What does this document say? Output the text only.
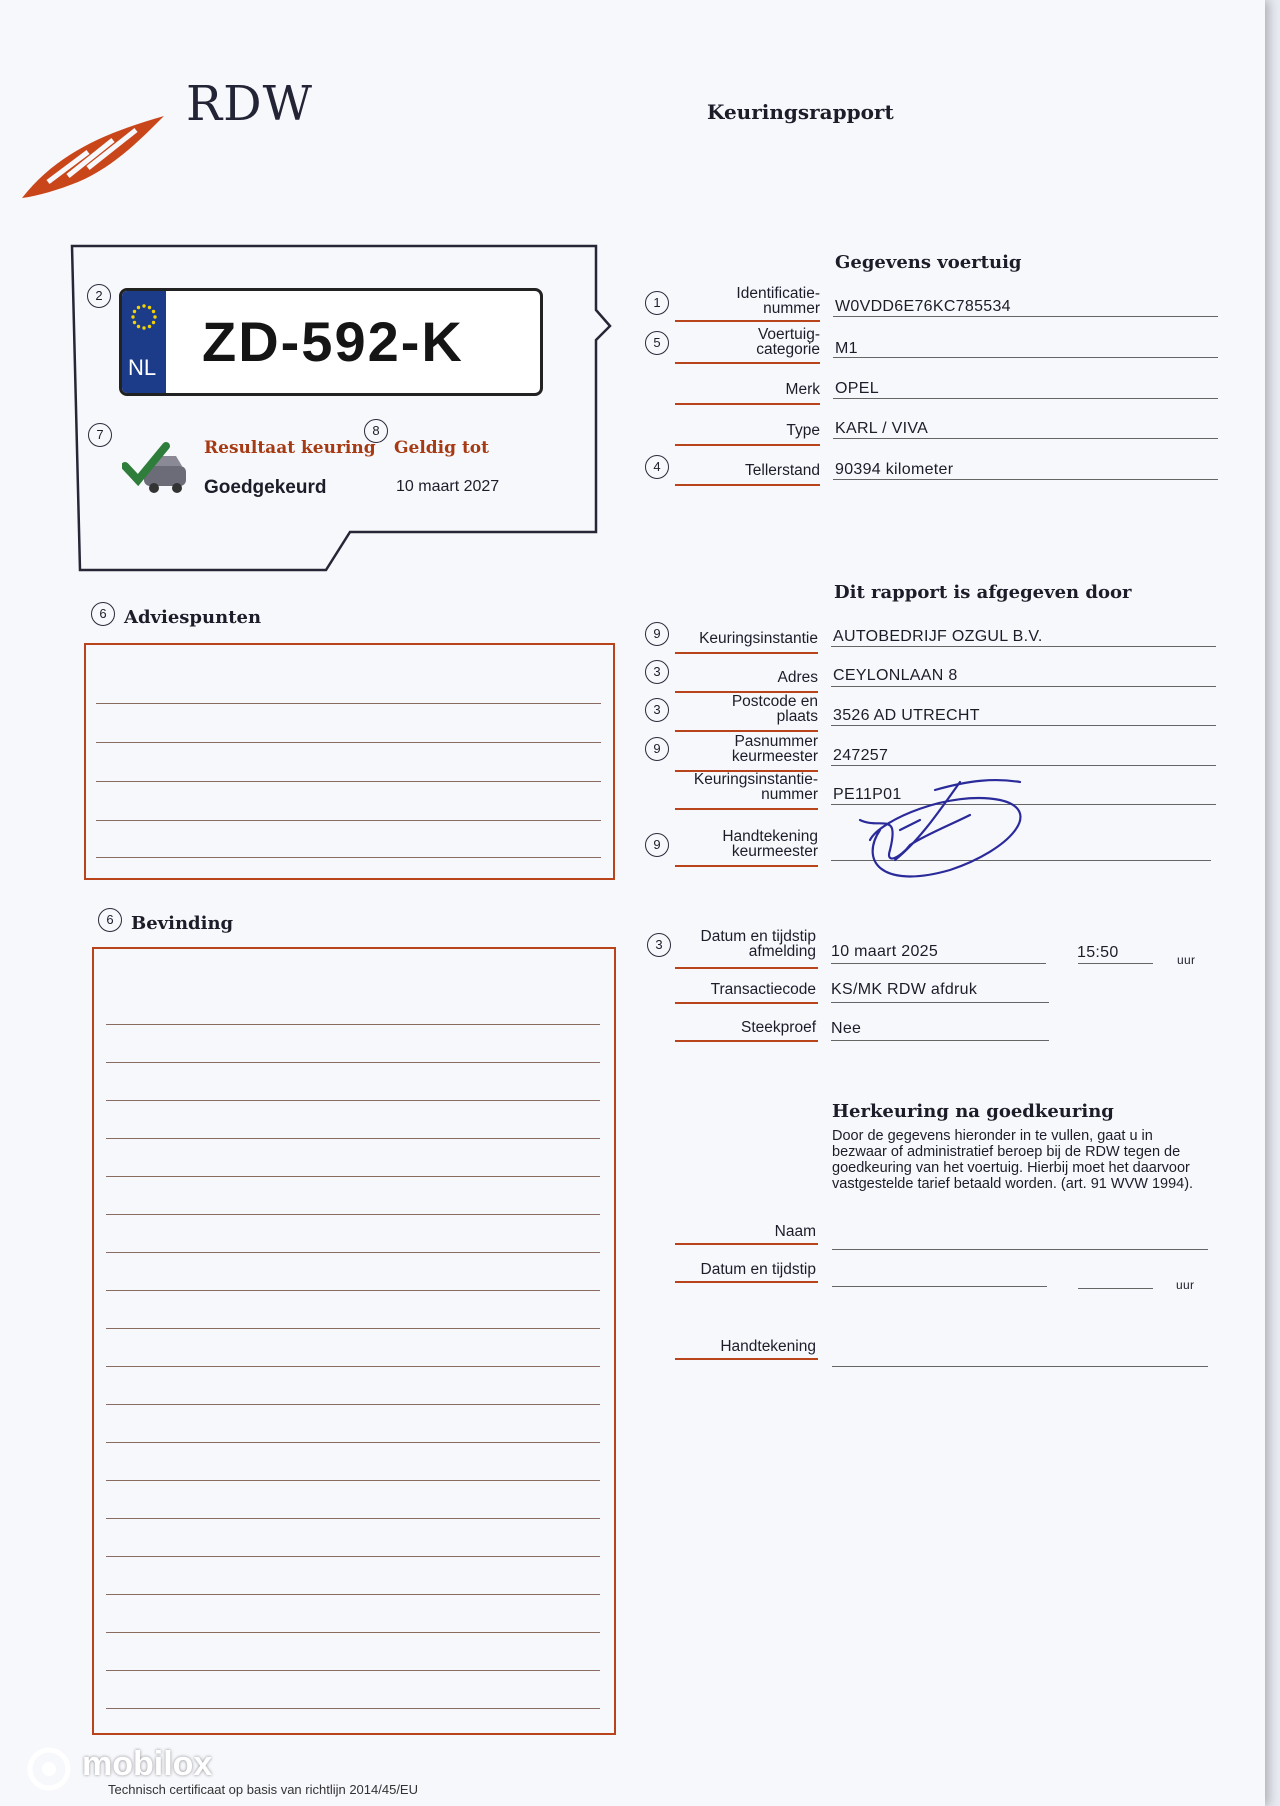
RDW	Keuringsrapport
2
NL ZD-592-K
7	8
Resultaat keuring
Goedgekeurd
Geldig tot
10 maart 2027
Gegevens voertuig
1
Identificatie-
nummer W0VDD6E76KC785534
5	Voertuig-
categorie M1
Merk OPEL
Type KARL / VIVA
4	Tellerstand 90394 kilometer
Dit rapport is afgegeven door
9	Keuringsinstantie AUTOBEDRIJF OZGUL B.V.
3	Adres CEYLONLAAN 8
3	Postcode en
plaats 3526 AD UTRECHT
9	Pasnummer
keurmeester 247257
Keuringsinstantie-
nummer PE11P01
9	Handtekening
keurmeester
6 Adviespunten
6 Bevinding
3	Datum en tijdstip
afmelding 10 maart 2025	15:50	uur
Transactiecode KS/MK RDW afdruk
Steekproef Nee
Herkeuring na goedkeuring
Door de gegevens hieronder in te vullen, gaat u in bezwaar of administratief beroep bij de RDW tegen de goedkeuring van het voertuig. Hierbij moet het daarvoor vastgestelde tarief betaald worden. (art. 91 WVW 1994).
Naam
Datum en tijdstip
uur
Handtekening
Technisch certificaat op basis van richtlijn 2014/45/EU
mobilox
